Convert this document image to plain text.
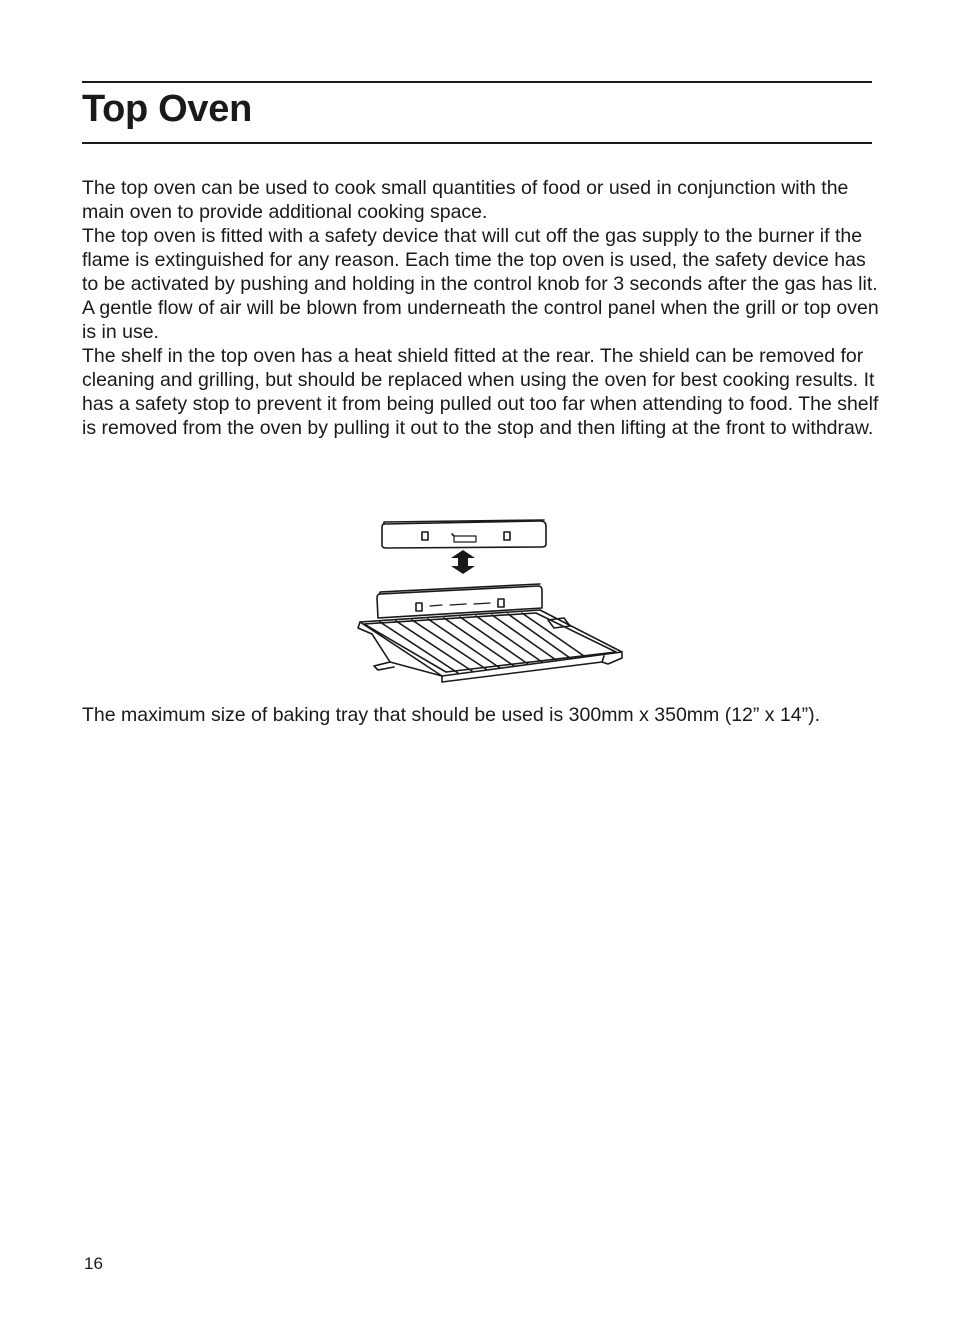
Top Oven

The top oven can be used to cook small quantities of food or used in conjunction with the main oven to provide additional cooking space.

The top oven is fitted with a safety device that will cut off the gas supply to the burner if the flame is extinguished for any reason. Each time the top oven is used, the safety device has to be activated by pushing and holding in the control knob for 3 seconds after the gas has lit.

A gentle flow of air will be blown from underneath the control panel when the grill or top oven is in use.

The shelf in the top oven has a heat shield fitted at the rear. The shield can be removed for cleaning and grilling, but should be replaced when using the oven for best cooking results. It has a safety stop to prevent it from being pulled out too far when attending to food. The shelf is removed from the oven by pulling it out to the stop and then lifting at the front to withdraw.

The maximum size of baking tray that should be used is 300mm x 350mm (12” x 14”).

16
